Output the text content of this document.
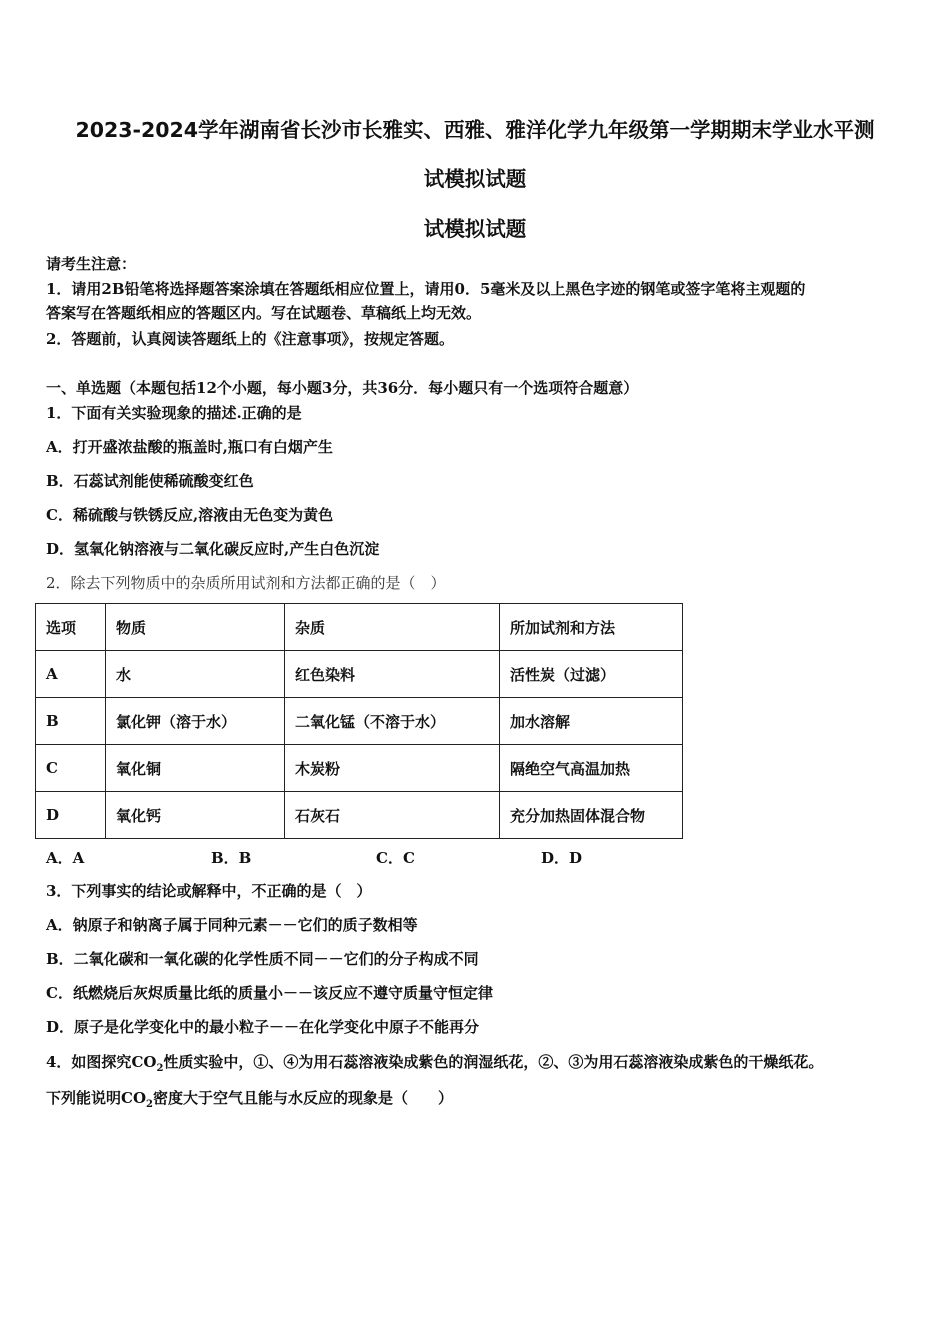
2023-2024学年湖南省长沙市长雅实、西雅、雅洋化学九年级第一学期期末学业水平测
试模拟试题
试模拟试题
请考生注意：
1．请用2B铅笔将选择题答案涂填在答题纸相应位置上，请用0．5毫米及以上黑色字迹的钢笔或签字笔将主观题的
答案写在答题纸相应的答题区内。写在试题卷、草稿纸上均无效。
2．答题前，认真阅读答题纸上的《注意事项》，按规定答题。
一、单选题（本题包括12个小题，每小题3分，共36分．每小题只有一个选项符合题意）
1．下面有关实验现象的描述.正确的是
A．打开盛浓盐酸的瓶盖时,瓶口有白烟产生
B．石蕊试剂能使稀硫酸变红色
C．稀硫酸与铁锈反应,溶液由无色变为黄色
D．氢氧化钠溶液与二氧化碳反应时,产生白色沉淀
2．除去下列物质中的杂质所用试剂和方法都正确的是（　）
选项	物质	杂质	所加试剂和方法
A	水	红色染料	活性炭（过滤）
B	氯化钾（溶于水）	二氧化锰（不溶于水）	加水溶解
C	氧化铜	木炭粉	隔绝空气高温加热
D	氧化钙	石灰石	充分加热固体混合物
A．A	B．B	C．C	D．D
3．下列事实的结论或解释中，不正确的是（　）
A．钠原子和钠离子属于同种元素－－它们的质子数相等
B．二氧化碳和一氧化碳的化学性质不同－－它们的分子构成不同
C．纸燃烧后灰烬质量比纸的质量小－－该反应不遵守质量守恒定律
D．原子是化学变化中的最小粒子－－在化学变化中原子不能再分
4．如图探究$CO_2$性质实验中，①、④为用石蕊溶液染成紫色的润湿纸花，②、③为用石蕊溶液染成紫色的干燥纸花。
下列能说明$CO_2$密度大于空气且能与水反应的现象是（　　）
